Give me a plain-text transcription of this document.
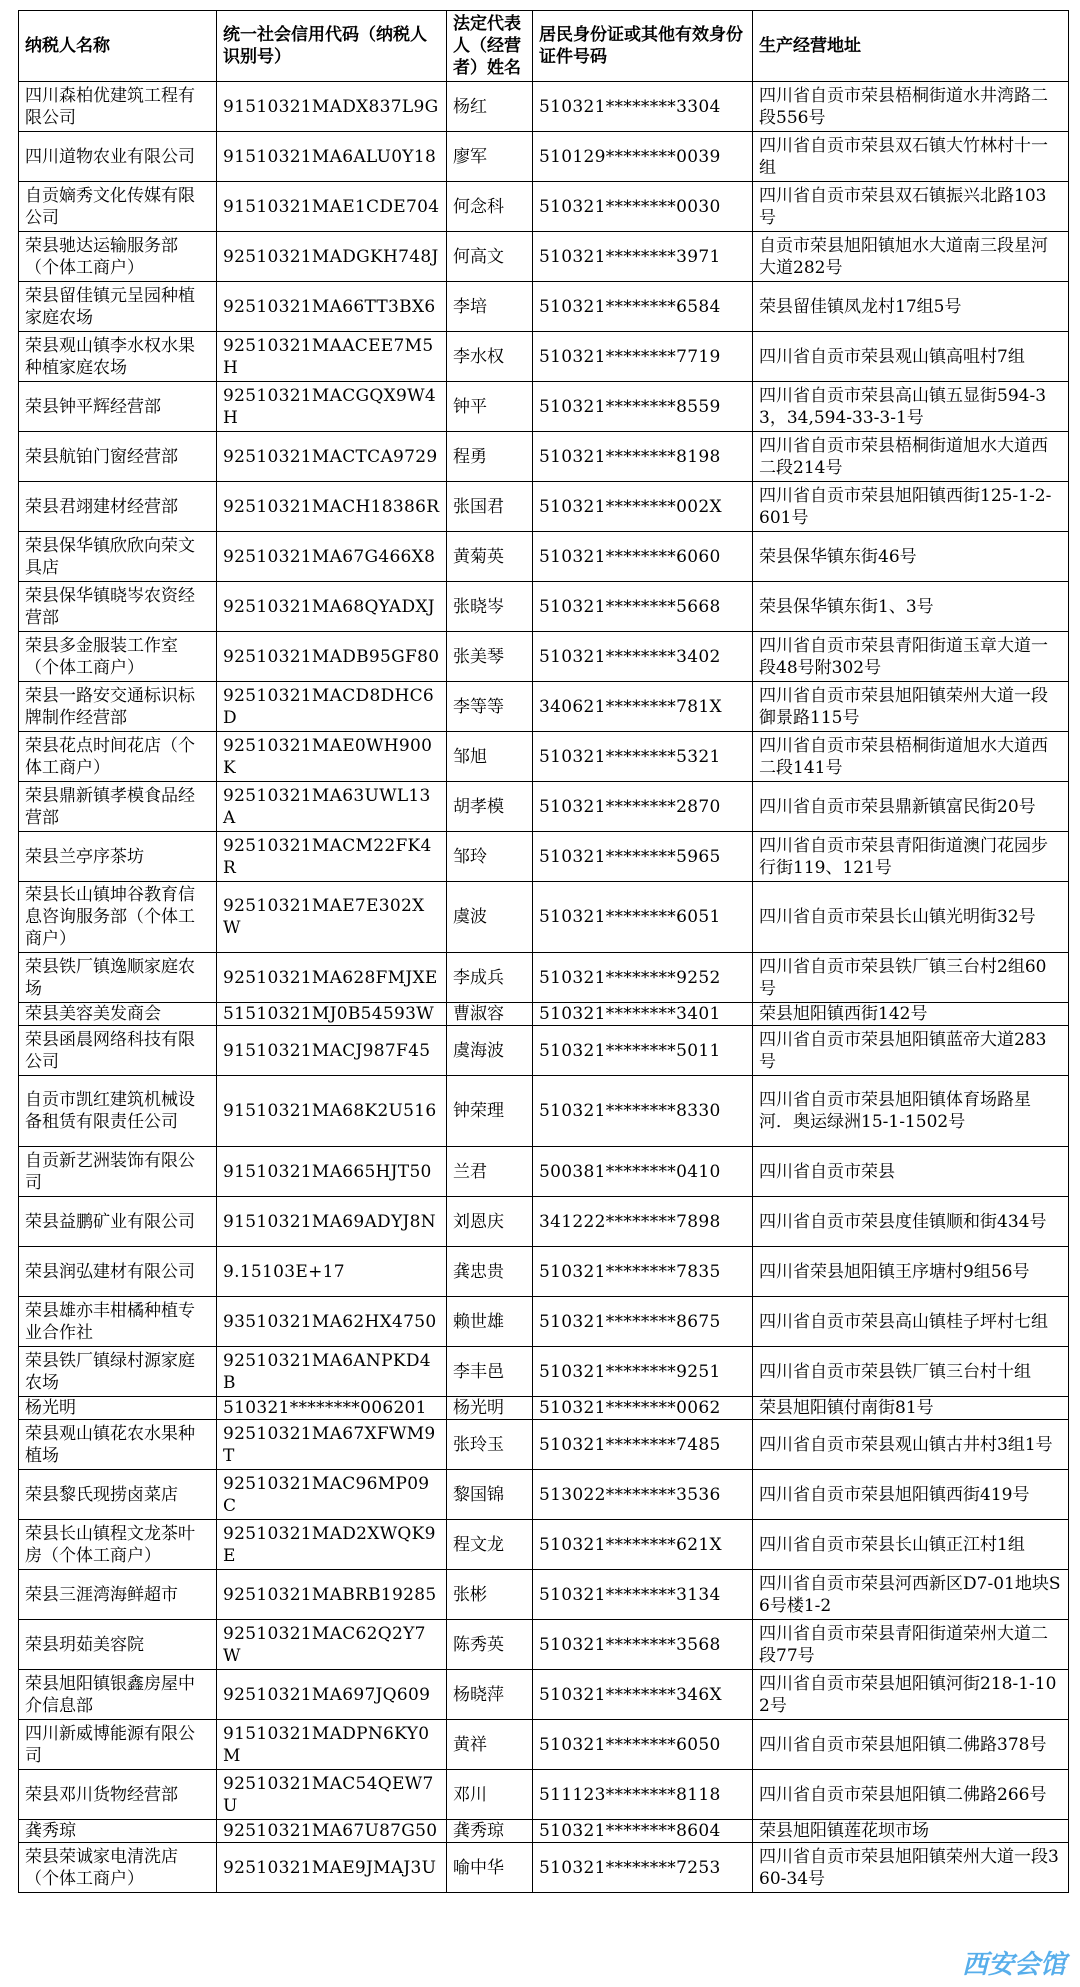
纳税人名称	统一社会信用代码（纳税人识别号）	法定代表人（经营者）姓名	居民身份证或其他有效身份证件号码	生产经营地址
四川森柏优建筑工程有限公司	91510321MADX837L9G	杨红	510321********3304	四川省自贡市荣县梧桐街道水井湾路二段556号
四川道物农业有限公司	91510321MA6ALU0Y18	廖军	510129********0039	四川省自贡市荣县双石镇大竹林村十一组
自贡嫡秀文化传媒有限公司	91510321MAE1CDE704	何念科	510321********0030	四川省自贡市荣县双石镇振兴北路103号
荣县驰达运输服务部（个体工商户）	92510321MADGKH748J	何高文	510321********3971	自贡市荣县旭阳镇旭水大道南三段星河大道282号
荣县留佳镇元呈园种植家庭农场	92510321MA66TT3BX6	李培	510321********6584	荣县留佳镇凤龙村17组5号
荣县观山镇李水权水果种植家庭农场	92510321MAACEE7M5H	李水权	510321********7719	四川省自贡市荣县观山镇高咀村7组
荣县钟平辉经营部	92510321MACGQX9W4H	钟平	510321********8559	四川省自贡市荣县高山镇五显街594-33，34,594-33-3-1号
荣县航铂门窗经营部	92510321MACTCA9729	程勇	510321********8198	四川省自贡市荣县梧桐街道旭水大道西二段214号
荣县君翊建材经营部	92510321MACH18386R	张国君	510321********002X	四川省自贡市荣县旭阳镇西街125-1-2-601号
荣县保华镇欣欣向荣文具店	92510321MA67G466X8	黄菊英	510321********6060	荣县保华镇东街46号
荣县保华镇晓岑农资经营部	92510321MA68QYADXJ	张晓岑	510321********5668	荣县保华镇东街1、3号
荣县多金服装工作室（个体工商户）	92510321MADB95GF80	张美琴	510321********3402	四川省自贡市荣县青阳街道玉章大道一段48号附302号
荣县一路安交通标识标牌制作经营部	92510321MACD8DHC6D	李等等	340621********781X	四川省自贡市荣县旭阳镇荣州大道一段御景路115号
荣县花点时间花店（个体工商户）	92510321MAE0WH900K	邹旭	510321********5321	四川省自贡市荣县梧桐街道旭水大道西二段141号
荣县鼎新镇孝模食品经营部	92510321MA63UWL13A	胡孝模	510321********2870	四川省自贡市荣县鼎新镇富民街20号
荣县兰亭序茶坊	92510321MACM22FK4R	邹玲	510321********5965	四川省自贡市荣县青阳街道澳门花园步行街119、121号
荣县长山镇坤谷教育信息咨询服务部（个体工商户）	92510321MAE7E302XW	虞波	510321********6051	四川省自贡市荣县长山镇光明街32号
荣县铁厂镇逸顺家庭农场	92510321MA628FMJXE	李成兵	510321********9252	四川省自贡市荣县铁厂镇三台村2组60号
荣县美容美发商会	51510321MJ0B54593W	曹淑容	510321********3401	荣县旭阳镇西街142号
荣县函晨网络科技有限公司	91510321MACJ987F45	虞海波	510321********5011	四川省自贡市荣县旭阳镇蓝帝大道283号
自贡市凯红建筑机械设备租赁有限责任公司	91510321MA68K2U516	钟荣理	510321********8330	四川省自贡市荣县旭阳镇体育场路星河．奥运绿洲15-1-1502号
自贡新艺洲装饰有限公司	91510321MA665HJT50	兰君	500381********0410	四川省自贡市荣县
荣县益鹏矿业有限公司	91510321MA69ADYJ8N	刘恩庆	341222********7898	四川省自贡市荣县度佳镇顺和街434号
荣县润弘建材有限公司	9.15103E+17	龚忠贵	510321********7835	四川省荣县旭阳镇王序塘村9组56号
荣县雄亦丰柑橘种植专业合作社	93510321MA62HX4750	赖世雄	510321********8675	四川省自贡市荣县高山镇桂子坪村七组
荣县铁厂镇绿村源家庭农场	92510321MA6ANPKD4B	李丰邑	510321********9251	四川省自贡市荣县铁厂镇三台村十组
杨光明	510321********006201	杨光明	510321********0062	荣县旭阳镇付南街81号
荣县观山镇花农水果种植场	92510321MA67XFWM9T	张玲玉	510321********7485	四川省自贡市荣县观山镇古井村3组1号
荣县黎氏现捞卤菜店	92510321MAC96MP09C	黎国锦	513022********3536	四川省自贡市荣县旭阳镇西街419号
荣县长山镇程文龙茶叶房（个体工商户）	92510321MAD2XWQK9E	程文龙	510321********621X	四川省自贡市荣县长山镇正江村1组
荣县三涯湾海鲜超市	92510321MABRB19285	张彬	510321********3134	四川省自贡市荣县河西新区D7-01地块S6号楼1-2
荣县玥茹美容院	92510321MAC62Q2Y7W	陈秀英	510321********3568	四川省自贡市荣县青阳街道荣州大道二段77号
荣县旭阳镇银鑫房屋中介信息部	92510321MA697JQ609	杨晓萍	510321********346X	四川省自贡市荣县旭阳镇河街218-1-102号
四川新威博能源有限公司	91510321MADPN6KY0M	黄祥	510321********6050	四川省自贡市荣县旭阳镇二佛路378号
荣县邓川货物经营部	92510321MAC54QEW7U	邓川	511123********8118	四川省自贡市荣县旭阳镇二佛路266号
龚秀琼	92510321MA67U87G50	龚秀琼	510321********8604	荣县旭阳镇莲花坝市场
荣县荣诚家电清洗店（个体工商户）	92510321MAE9JMAJ3U	喻中华	510321********7253	四川省自贡市荣县旭阳镇荣州大道一段360-34号
西安会馆
